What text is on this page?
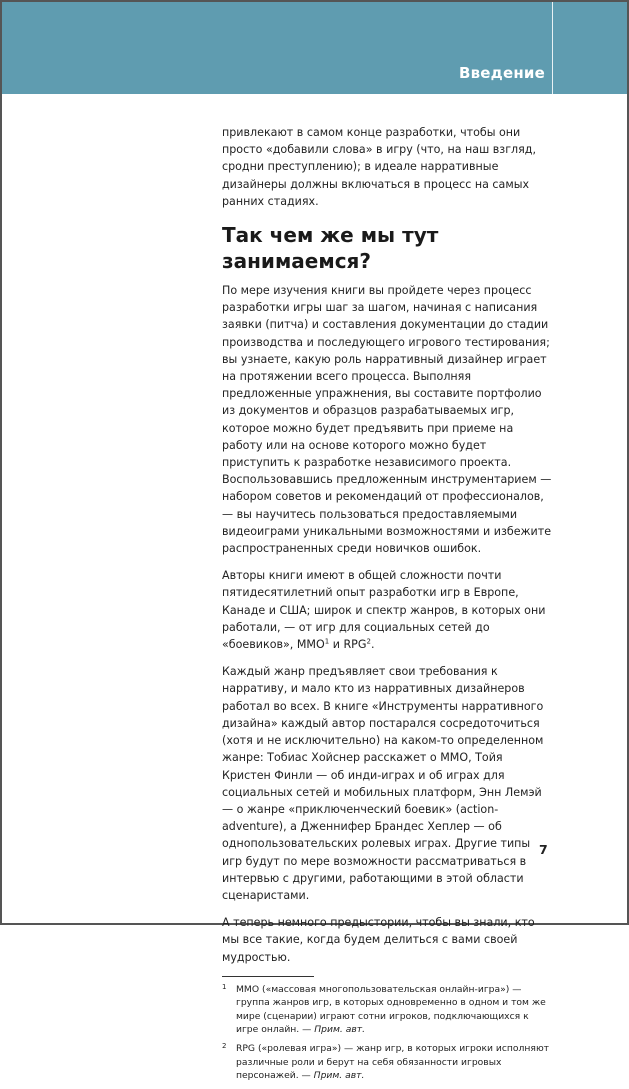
Введение

привлекают в самом конце разработки, чтобы они просто «добавили слова» в игру (что, на наш взгляд, сродни преступлению); в идеале нарративные дизайнеры должны включаться в процесс на самых ранних стадиях.

Так чем же мы тут занимаемся?

По мере изучения книги вы пройдете через процесс разработки игры шаг за шагом, начиная с написания заявки (питча) и составления документации до стадии производства и последующего игрового тестирования; вы узнаете, какую роль нарративный дизайнер играет на протяжении всего процесса. Выполняя предложенные упражнения, вы составите портфолио из документов и образцов разрабатываемых игр, которое можно будет предъявить при приеме на работу или на основе которого можно будет приступить к разработке независимого проекта. Воспользовавшись предложенным инструментарием — набором советов и рекомендаций от профессионалов, — вы научитесь пользоваться предоставляемыми видеоиграми уникальными возможностями и избежите распространенных среди новичков ошибок.

Авторы книги имеют в общей сложности почти пятидесятилетний опыт разработки игр в Европе, Канаде и США; широк и спектр жанров, в которых они работали, — от игр для социальных сетей до «боевиков», ММО$^1$ и RPG$^2$.

Каждый жанр предъявляет свои требования к нарративу, и мало кто из нарративных дизайнеров работал во всех. В книге «Инструменты нарративного дизайна» каждый автор постарался сосредоточиться (хотя и не исключительно) на каком-то определенном жанре: Тобиас Хойснер расскажет о ММО, Тойя Кристен Финли — об инди-играх и об играх для социальных сетей и мобильных платформ, Энн Лемэй — о жанре «приключенческий боевик» (action-adventure), а Дженнифер Брандес Хеплер — об однопользовательских ролевых играх. Другие типы игр будут по мере возможности рассматриваться в интервью с другими, работающими в этой области сценаристами.

А теперь немного предыстории, чтобы вы знали, кто мы все такие, когда будем делиться с вами своей мудростью.

1 ММО («массовая многопользовательская онлайн-игра») — группа жанров игр, в которых одновременно в одном и том же мире (сценарии) играют сотни игроков, подключающихся к игре онлайн. — Прим. авт.
2 RPG («ролевая игра») — жанр игр, в которых игроки исполняют различные роли и берут на себя обязанности игровых персонажей. — Прим. авт.
7
